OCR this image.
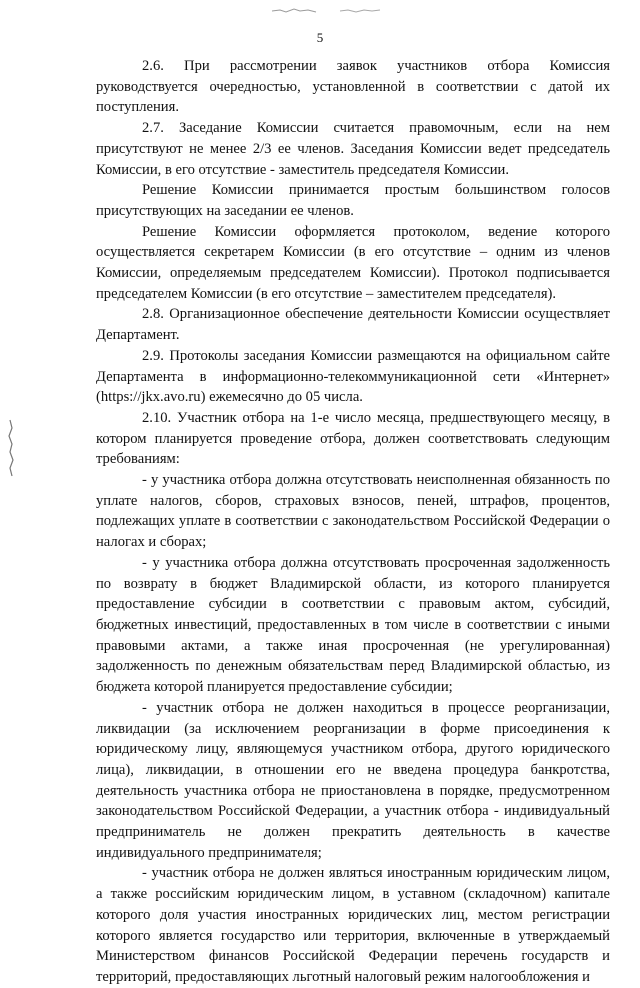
5

2.6. При рассмотрении заявок участников отбора Комиссия руководствуется очередностью, установленной в соответствии с датой их поступления.

2.7. Заседание Комиссии считается правомочным, если на нем присутствуют не менее 2/3 ее членов. Заседания Комиссии ведет председатель Комиссии, в его отсутствие - заместитель председателя Комиссии.

Решение Комиссии принимается простым большинством голосов присутствующих на заседании ее членов.

Решение Комиссии оформляется протоколом, ведение которого осуществляется секретарем Комиссии (в его отсутствие – одним из членов Комиссии, определяемым председателем Комиссии). Протокол подписывается председателем Комиссии (в его отсутствие – заместителем председателя).

2.8. Организационное обеспечение деятельности Комиссии осуществляет Департамент.

2.9. Протоколы заседания Комиссии размещаются на официальном сайте Департамента в информационно-телекоммуникационной сети «Интернет» (https://jkx.avo.ru) ежемесячно до 05 числа.

2.10. Участник отбора на 1-е число месяца, предшествующего месяцу, в котором планируется проведение отбора, должен соответствовать следующим требованиям:

- у участника отбора должна отсутствовать неисполненная обязанность по уплате налогов, сборов, страховых взносов, пеней, штрафов, процентов, подлежащих уплате в соответствии с законодательством Российской Федерации о налогах и сборах;

- у участника отбора должна отсутствовать просроченная задолженность по возврату в бюджет Владимирской области, из которого планируется предоставление субсидии в соответствии с правовым актом, субсидий, бюджетных инвестиций, предоставленных в том числе в соответствии с иными правовыми актами, а также иная просроченная (не урегулированная) задолженность по денежным обязательствам перед Владимирской областью, из бюджета которой планируется предоставление субсидии;

- участник отбора не должен находиться в процессе реорганизации, ликвидации (за исключением реорганизации в форме присоединения к юридическому лицу, являющемуся участником отбора, другого юридического лица), ликвидации, в отношении его не введена процедура банкротства, деятельность участника отбора не приостановлена в порядке, предусмотренном законодательством Российской Федерации, а участник отбора - индивидуальный предприниматель не должен прекратить деятельность в качестве индивидуального предпринимателя;

- участник отбора не должен являться иностранным юридическим лицом, а также российским юридическим лицом, в уставном (складочном) капитале которого доля участия иностранных юридических лиц, местом регистрации которого является государство или территория, включенные в утверждаемый Министерством финансов Российской Федерации перечень государств и территорий, предоставляющих льготный налоговый режим налогообложения и
